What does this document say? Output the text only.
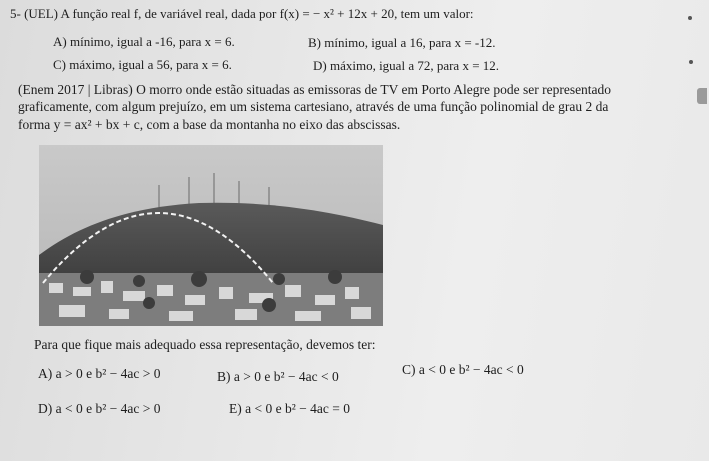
5- (UEL) A função real f, de variável real, dada por f(x) = − x² + 12x + 20, tem um valor:
A) mínimo, igual a -16, para x = 6.	B) mínimo, igual a 16, para x = -12.
C) máximo, igual a 56, para x = 6.	D) máximo, igual a 72, para x = 12.
(Enem 2017 | Libras) O morro onde estão situadas as emissoras de TV em Porto Alegre pode ser representado
graficamente, com algum prejuízo, em um sistema cartesiano, através de uma função polinomial de grau 2 da
forma y = ax² + bx + c, com a base da montanha no eixo das abscissas.
Para que fique mais adequado essa representação, devemos ter:
A) a > 0 e b² − 4ac > 0	B) a > 0 e b² − 4ac < 0	C) a < 0 e b² − 4ac < 0
D) a < 0 e b² − 4ac > 0	E) a < 0 e b² − 4ac = 0
